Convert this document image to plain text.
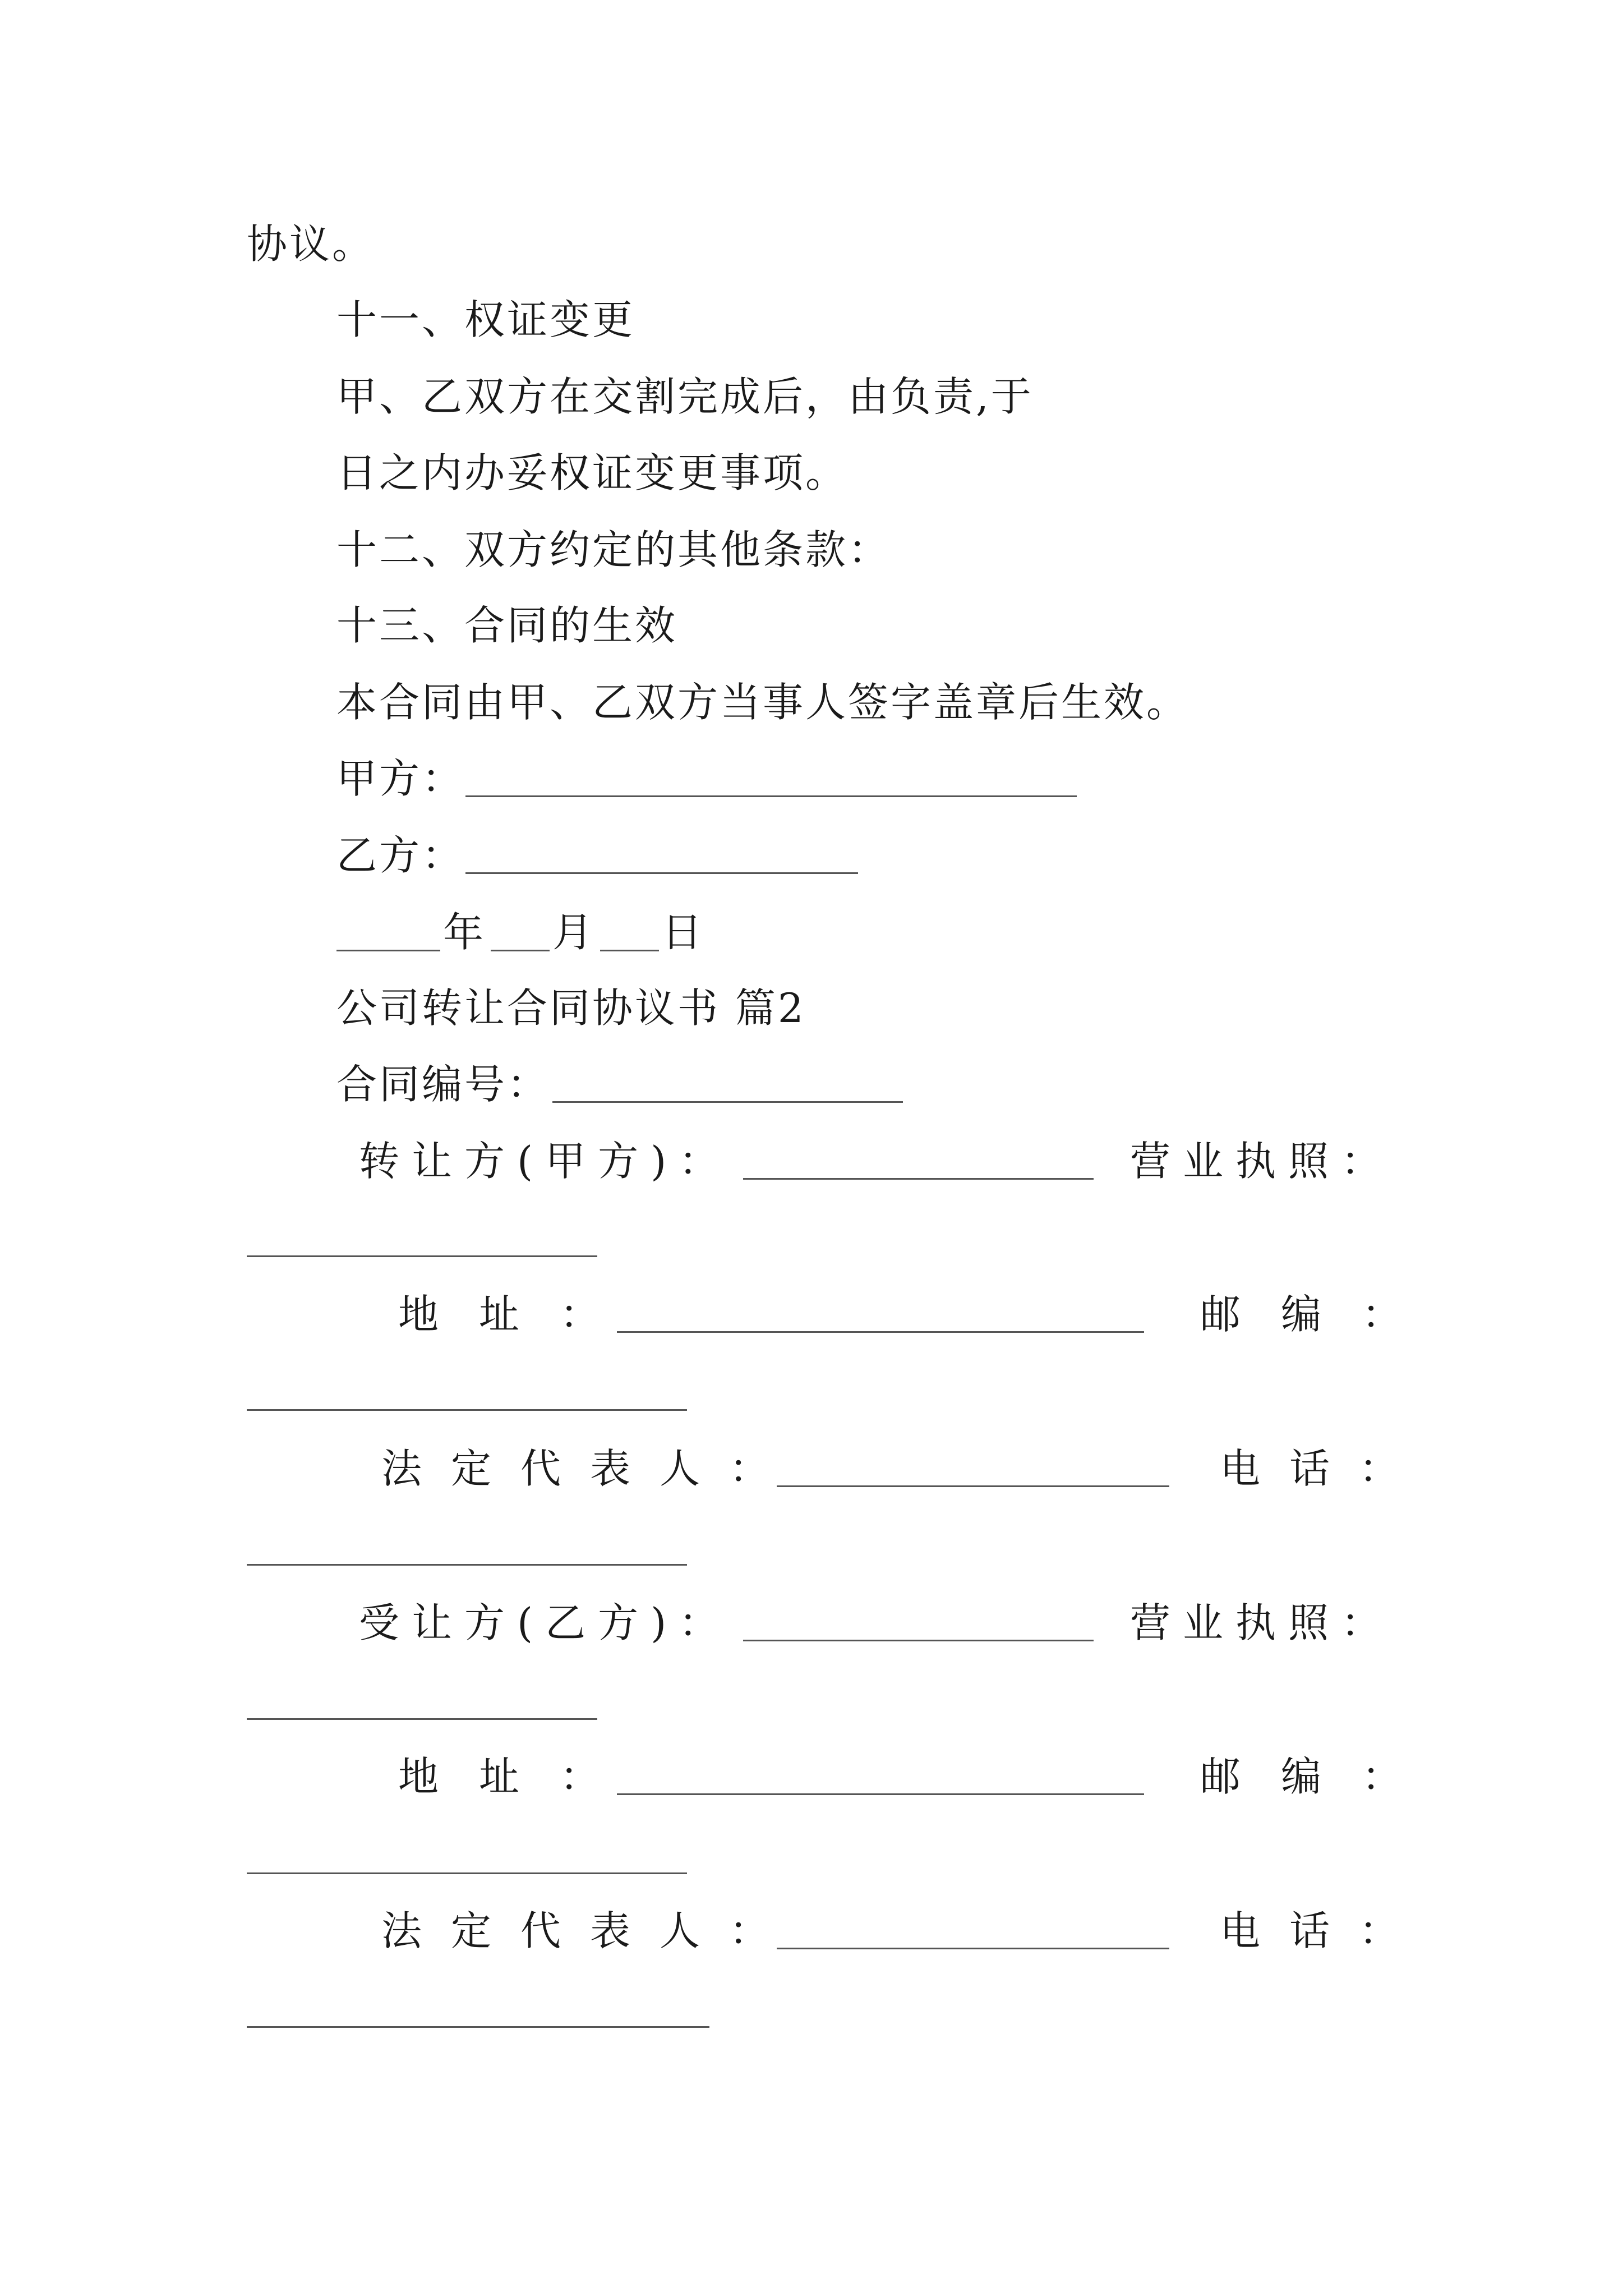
协议。
十一、权证变更
甲、乙双方在交割完成后，由负责,于
日之内办妥权证变更事项。
十二、双方约定的其他条款：
十三、合同的生效
本合同由甲、乙双方当事人签字盖章后生效。
甲方：
乙方：
年 月 日
公司转让合同协议书 篇2
合同编号：
转让方(甲方)：	营业执照：
地址：	邮编：
法定代表人：	电话：
受让方(乙方)：	营业执照：
地址：	邮编：
法定代表人：	电话：
